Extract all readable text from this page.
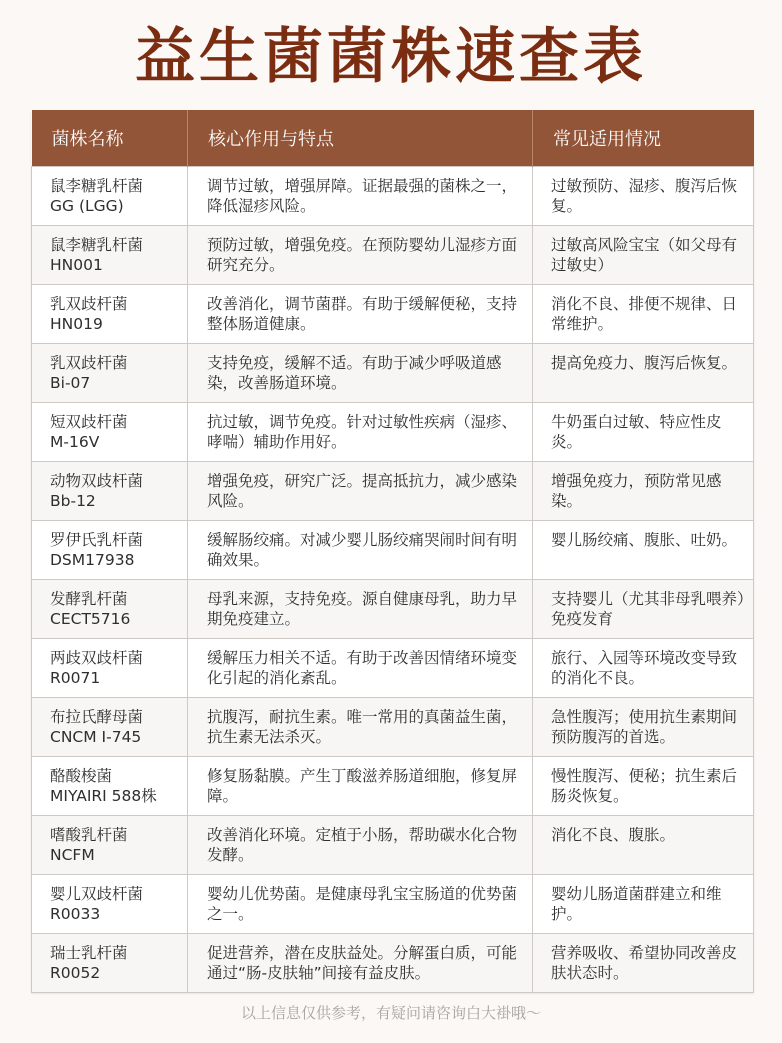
益生菌菌株速查表
菌株名称	核心作用与特点	常见适用情况

鼠李糖乳杆菌
GG (LGG)	调节过敏，增强屏障。证据最强的菌株之一，降低湿疹风险。	过敏预防、湿疹、腹泻后恢复。

鼠李糖乳杆菌
HN001	预防过敏，增强免疫。在预防婴幼儿湿疹方面研究充分。	过敏高风险宝宝（如父母有过敏史）

乳双歧杆菌
HN019	改善消化，调节菌群。有助于缓解便秘，支持整体肠道健康。	消化不良、排便不规律、日常维护。

乳双歧杆菌
Bi-07	支持免疫，缓解不适。有助于减少呼吸道感染，改善肠道环境。	提高免疫力、腹泻后恢复。

短双歧杆菌
M-16V	抗过敏，调节免疫。针对过敏性疾病（湿疹、哮喘）辅助作用好。	牛奶蛋白过敏、特应性皮炎。

动物双歧杆菌
Bb-12	增强免疫，研究广泛。提高抵抗力，减少感染风险。	增强免疫力，预防常见感染。

罗伊氏乳杆菌
DSM17938	缓解肠绞痛。对减少婴儿肠绞痛哭闹时间有明确效果。	婴儿肠绞痛、腹胀、吐奶。

发酵乳杆菌
CECT5716	母乳来源，支持免疫。源自健康母乳，助力早期免疫建立。	支持婴儿（尤其非母乳喂养）免疫发育

两歧双歧杆菌
R0071	缓解压力相关不适。有助于改善因情绪环境变化引起的消化紊乱。	旅行、入园等环境改变导致的消化不良。

布拉氏酵母菌
CNCM I-745	抗腹泻，耐抗生素。唯一常用的真菌益生菌，抗生素无法杀灭。	急性腹泻；使用抗生素期间预防腹泻的首选。

酪酸梭菌
MIYAIRI 588株	修复肠黏膜。产生丁酸滋养肠道细胞，修复屏障。	慢性腹泻、便秘；抗生素后肠炎恢复。

嗜酸乳杆菌
NCFM	改善消化环境。定植于小肠，帮助碳水化合物发酵。	消化不良、腹胀。

婴儿双歧杆菌
R0033	婴幼儿优势菌。是健康母乳宝宝肠道的优势菌之一。	婴幼儿肠道菌群建立和维护。

瑞士乳杆菌
R0052	促进营养，潜在皮肤益处。分解蛋白质，可能通过“肠-皮肤轴”间接有益皮肤。	营养吸收、希望协同改善皮肤状态时。
以上信息仅供参考，有疑问请咨询白大褂哦～
